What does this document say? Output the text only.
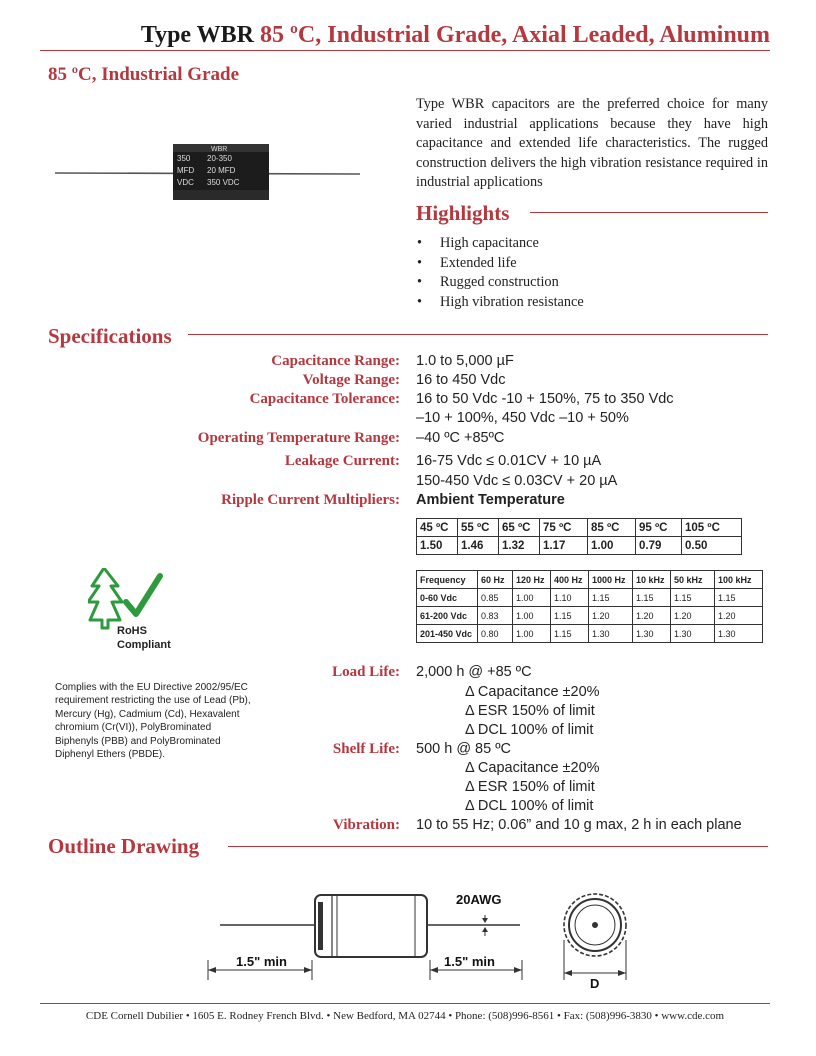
Type WBR 85 ºC, Industrial Grade, Axial Leaded, Aluminum
85 ºC, Industrial Grade
WBR
350 20-350
MFD 20 MFD
VDC 350 VDC
Type WBR capacitors are the preferred choice for many varied industrial applications because they have high capacitance and extended life characteristics. The rugged construction delivers the high vibration resistance required in industrial applications
Highlights
• High capacitance
• Extended life
• Rugged construction
• High vibration resistance
Specifications
Capacitance Range: 1.0 to 5,000 µF
Voltage Range: 16 to 450 Vdc
Capacitance Tolerance: 16 to 50 Vdc -10 + 150%, 75 to 350 Vdc
–10 + 100%, 450 Vdc –10 + 50%
Operating Temperature Range: –40 ºC +85ºC
Leakage Current: 16-75 Vdc ≤ 0.01CV + 10 µA
150-450 Vdc ≤ 0.03CV + 20 µA
Ripple Current Multipliers: Ambient Temperature
45 ºC	55 ºC	65 ºC	75 ºC	85 ºC	95 ºC	105 ºC
1.50	1.46	1.32	1.17	1.00	0.79	0.50
Frequency	60 Hz	120 Hz	400 Hz	1000 Hz	10 kHz	50 kHz	100 kHz
0-60 Vdc	0.85	1.00	1.10	1.15	1.15	1.15	1.15
61-200 Vdc	0.83	1.00	1.15	1.20	1.20	1.20	1.20
201-450 Vdc	0.80	1.00	1.15	1.30	1.30	1.30	1.30
RoHS
Compliant
Complies with the EU Directive 2002/95/EC requirement restricting the use of Lead (Pb), Mercury (Hg), Cadmium (Cd), Hexavalent chromium (Cr(VI)), PolyBrominated Biphenyls (PBB) and PolyBrominated Diphenyl Ethers (PBDE).
Load Life: 2,000 h @ +85 ºC
Δ Capacitance ±20%
Δ ESR 150% of limit
Δ DCL 100% of limit
Shelf Life: 500 h @ 85 ºC
Δ Capacitance ±20%
Δ ESR 150% of limit
Δ DCL 100% of limit
Vibration: 10 to 55 Hz; 0.06” and 10 g max, 2 h in each plane
Outline Drawing
20AWG
1.5" min	1.5" min
D
CDE Cornell Dubilier • 1605 E. Rodney French Blvd. • New Bedford, MA 02744 • Phone: (508)996-8561 • Fax: (508)996-3830 • www.cde.com
